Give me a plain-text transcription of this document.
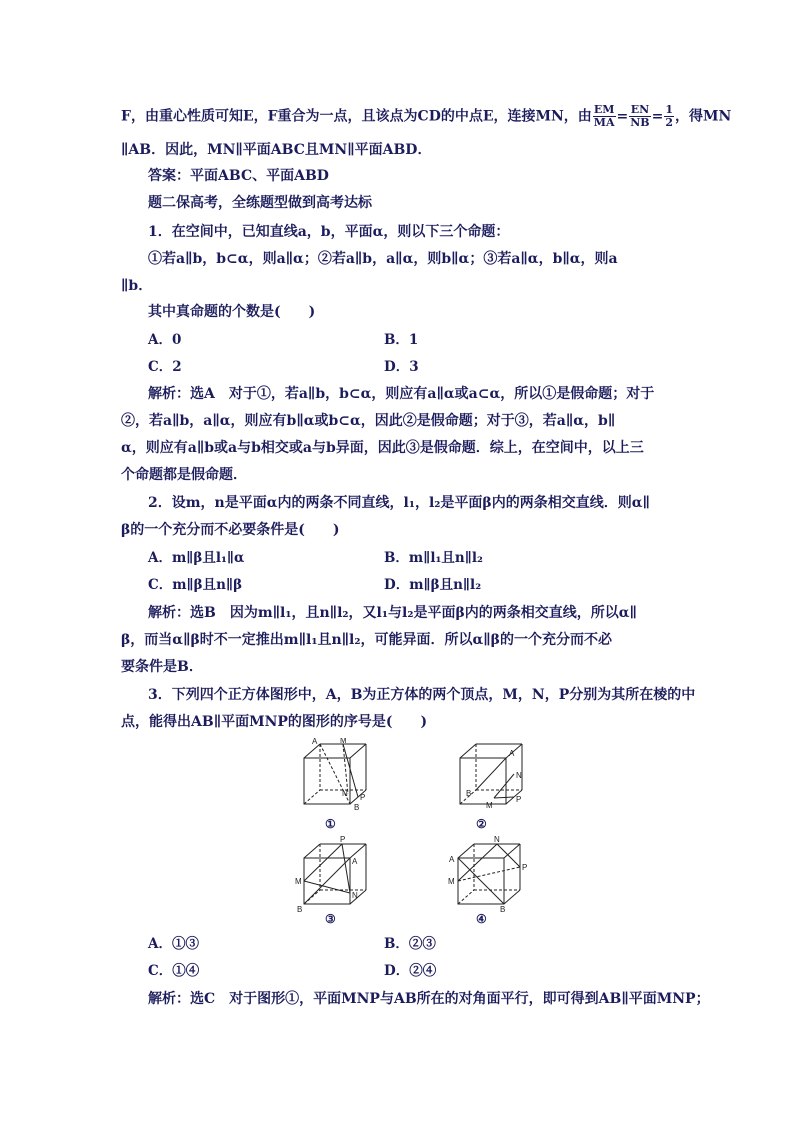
F，由重心性质可知E，F重合为一点，且该点为CD的中点E，连接MN，由 $\frac{EM}{MA} = \frac{EN}{NB} = \frac{1}{2}$ ，得MN
∥AB．因此，MN∥平面ABC且MN∥平面ABD．
答案：平面ABC、平面ABD
题二保高考，全练题型做到高考达标
1．在空间中，已知直线a，b，平面α，则以下三个命题：
①若a∥b，b⊂α，则a∥α；②若a∥b，a∥α，则b∥α；③若a∥α，b∥α，则a
∥b．
其中真命题的个数是(　　)
A．0	B．1
C．2	D．3
解析：选A　对于①，若a∥b，b⊂α，则应有a∥α或a⊂α，所以①是假命题；对于
②，若a∥b，a∥α，则应有b∥α或b⊂α，因此②是假命题；对于③，若a∥α，b∥
α，则应有a∥b或a与b相交或a与b异面，因此③是假命题．综上，在空间中，以上三
个命题都是假命题．
2．设m，n是平面α内的两条不同直线，l₁，l₂是平面β内的两条相交直线．则α∥
β的一个充分而不必要条件是(　　)
A．m∥β且l₁∥α	B．m∥l₁且n∥l₂
C．m∥β且n∥β	D．m∥β且n∥l₂
解析：选B　因为m∥l₁，且n∥l₂，又l₁与l₂是平面β内的两条相交直线，所以α∥
β，而当α∥β时不一定推出m∥l₁且n∥l₂，可能异面．所以α∥β的一个充分而不必
要条件是B．
3．下列四个正方体图形中，A，B为正方体的两个顶点，M，N，P分别为其所在棱的中
点，能得出AB∥平面MNP的图形的序号是(　　)
A	M
N
B
P
①
A
B
N
M
P
②
P
A
M
N
B
③
N
A
M
P
B
④
A．①③	B．②③
C．①④	D．②④
解析：选C　对于图形①，平面MNP与AB所在的对角面平行，即可得到AB∥平面MNP；
